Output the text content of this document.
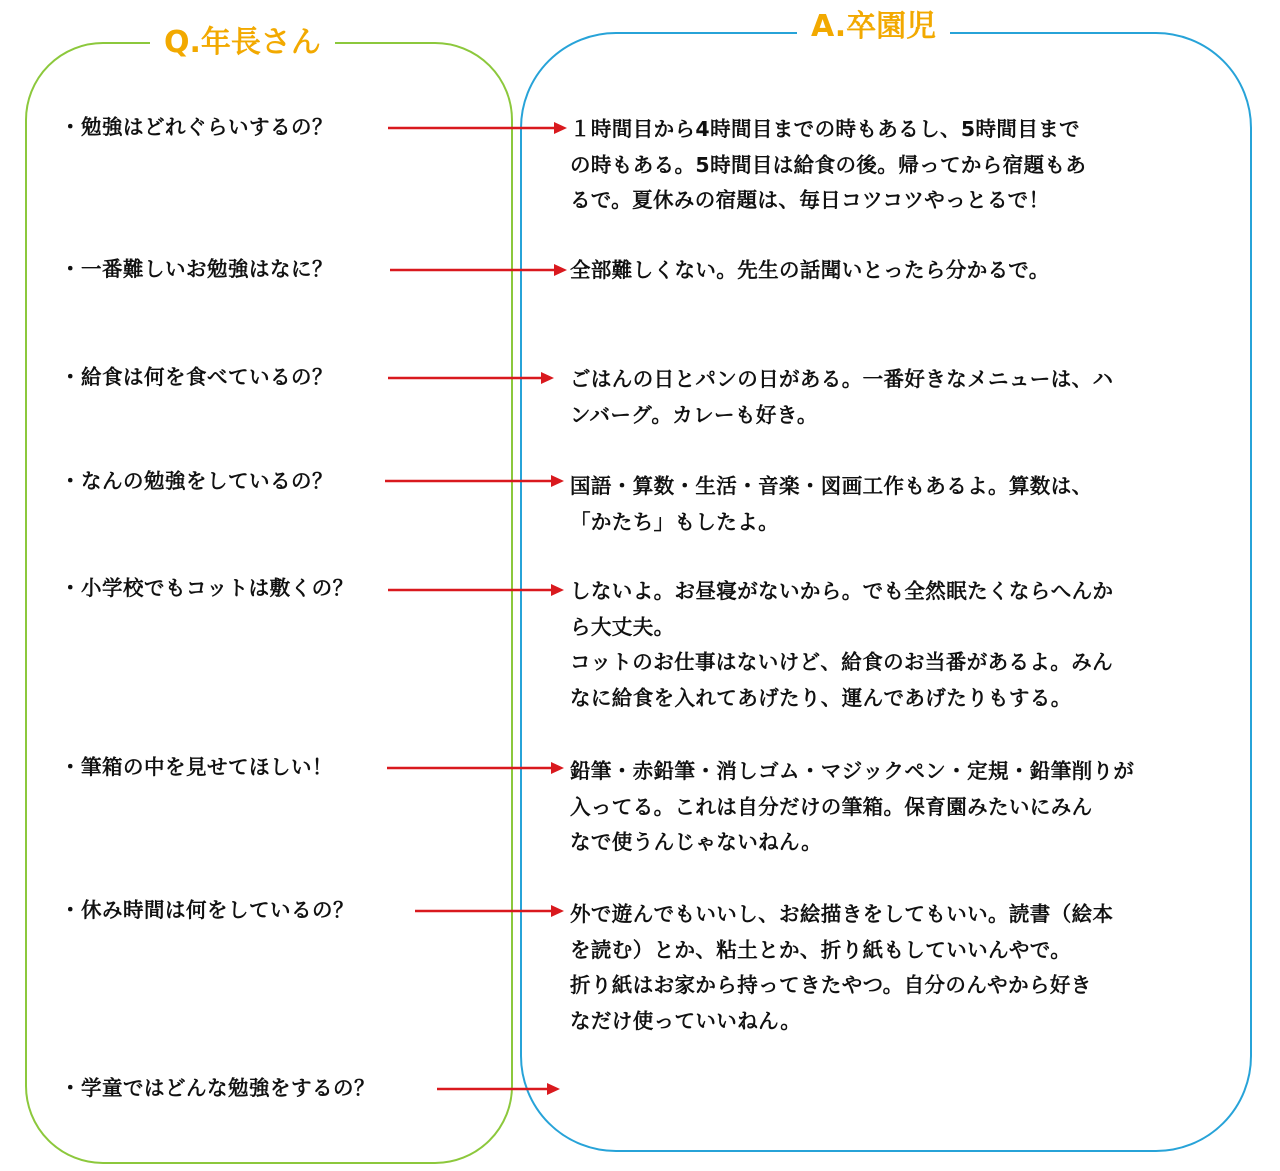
Q.年長さん	A.卒園児
・勉強はどれぐらいするの？
・一番難しいお勉強はなに？
・給食は何を食べているの？
・なんの勉強をしているの？
・小学校でもコットは敷くの？
・筆箱の中を見せてほしい！
・休み時間は何をしているの？
・学童ではどんな勉強をするの？
１時間目から4時間目までの時もあるし、5時間目まで
の時もある。5時間目は給食の後。帰ってから宿題もあ
るで。夏休みの宿題は、毎日コツコツやっとるで！
全部難しくない。先生の話聞いとったら分かるで。
ごはんの日とパンの日がある。一番好きなメニューは、ハ
ンバーグ。カレーも好き。
国語・算数・生活・音楽・図画工作もあるよ。算数は、
「かたち」もしたよ。
しないよ。お昼寝がないから。でも全然眠たくならへんか
ら大丈夫。
コットのお仕事はないけど、給食のお当番があるよ。みん
なに給食を入れてあげたり、運んであげたりもする。
鉛筆・赤鉛筆・消しゴム・マジックペン・定規・鉛筆削りが
入ってる。これは自分だけの筆箱。保育園みたいにみん
なで使うんじゃないねん。
外で遊んでもいいし、お絵描きをしてもいい。読書（絵本
を読む）とか、粘土とか、折り紙もしていいんやで。
折り紙はお家から持ってきたやつ。自分のんやから好き
なだけ使っていいねん。
